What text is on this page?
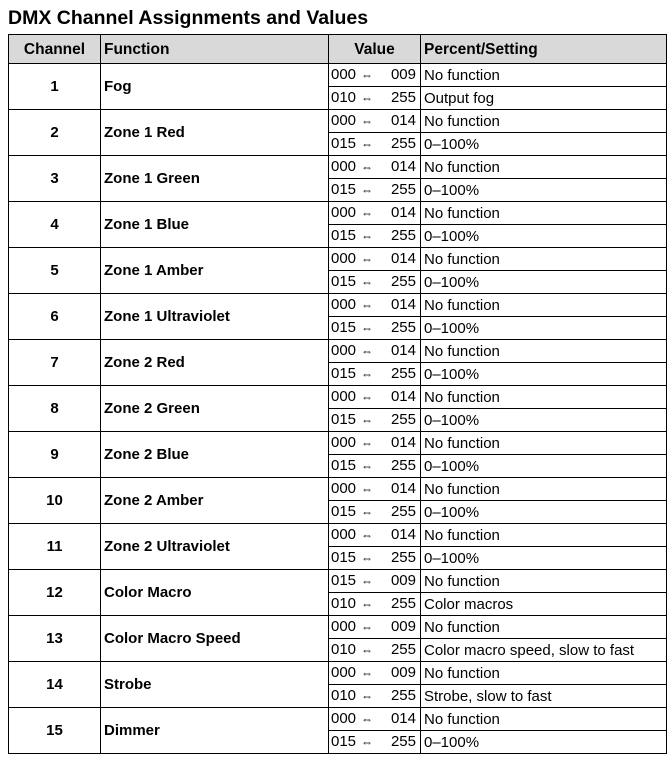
DMX Channel Assignments and Values
Channel	Function	Value	Percent/Setting
1	Fog	000 ⇔ 009	No function
		010 ⇔ 255	Output fog
2	Zone 1 Red	000 ⇔ 014	No function
		015 ⇔ 255	0–100%
3	Zone 1 Green	000 ⇔ 014	No function
		015 ⇔ 255	0–100%
4	Zone 1 Blue	000 ⇔ 014	No function
		015 ⇔ 255	0–100%
5	Zone 1 Amber	000 ⇔ 014	No function
		015 ⇔ 255	0–100%
6	Zone 1 Ultraviolet	000 ⇔ 014	No function
		015 ⇔ 255	0–100%
7	Zone 2 Red	000 ⇔ 014	No function
		015 ⇔ 255	0–100%
8	Zone 2 Green	000 ⇔ 014	No function
		015 ⇔ 255	0–100%
9	Zone 2 Blue	000 ⇔ 014	No function
		015 ⇔ 255	0–100%
10	Zone 2 Amber	000 ⇔ 014	No function
		015 ⇔ 255	0–100%
11	Zone 2 Ultraviolet	000 ⇔ 014	No function
		015 ⇔ 255	0–100%
12	Color Macro	015 ⇔ 009	No function
		010 ⇔ 255	Color macros
13	Color Macro Speed	000 ⇔ 009	No function
		010 ⇔ 255	Color macro speed, slow to fast
14	Strobe	000 ⇔ 009	No function
		010 ⇔ 255	Strobe, slow to fast
15	Dimmer	000 ⇔ 014	No function
		015 ⇔ 255	0–100%
